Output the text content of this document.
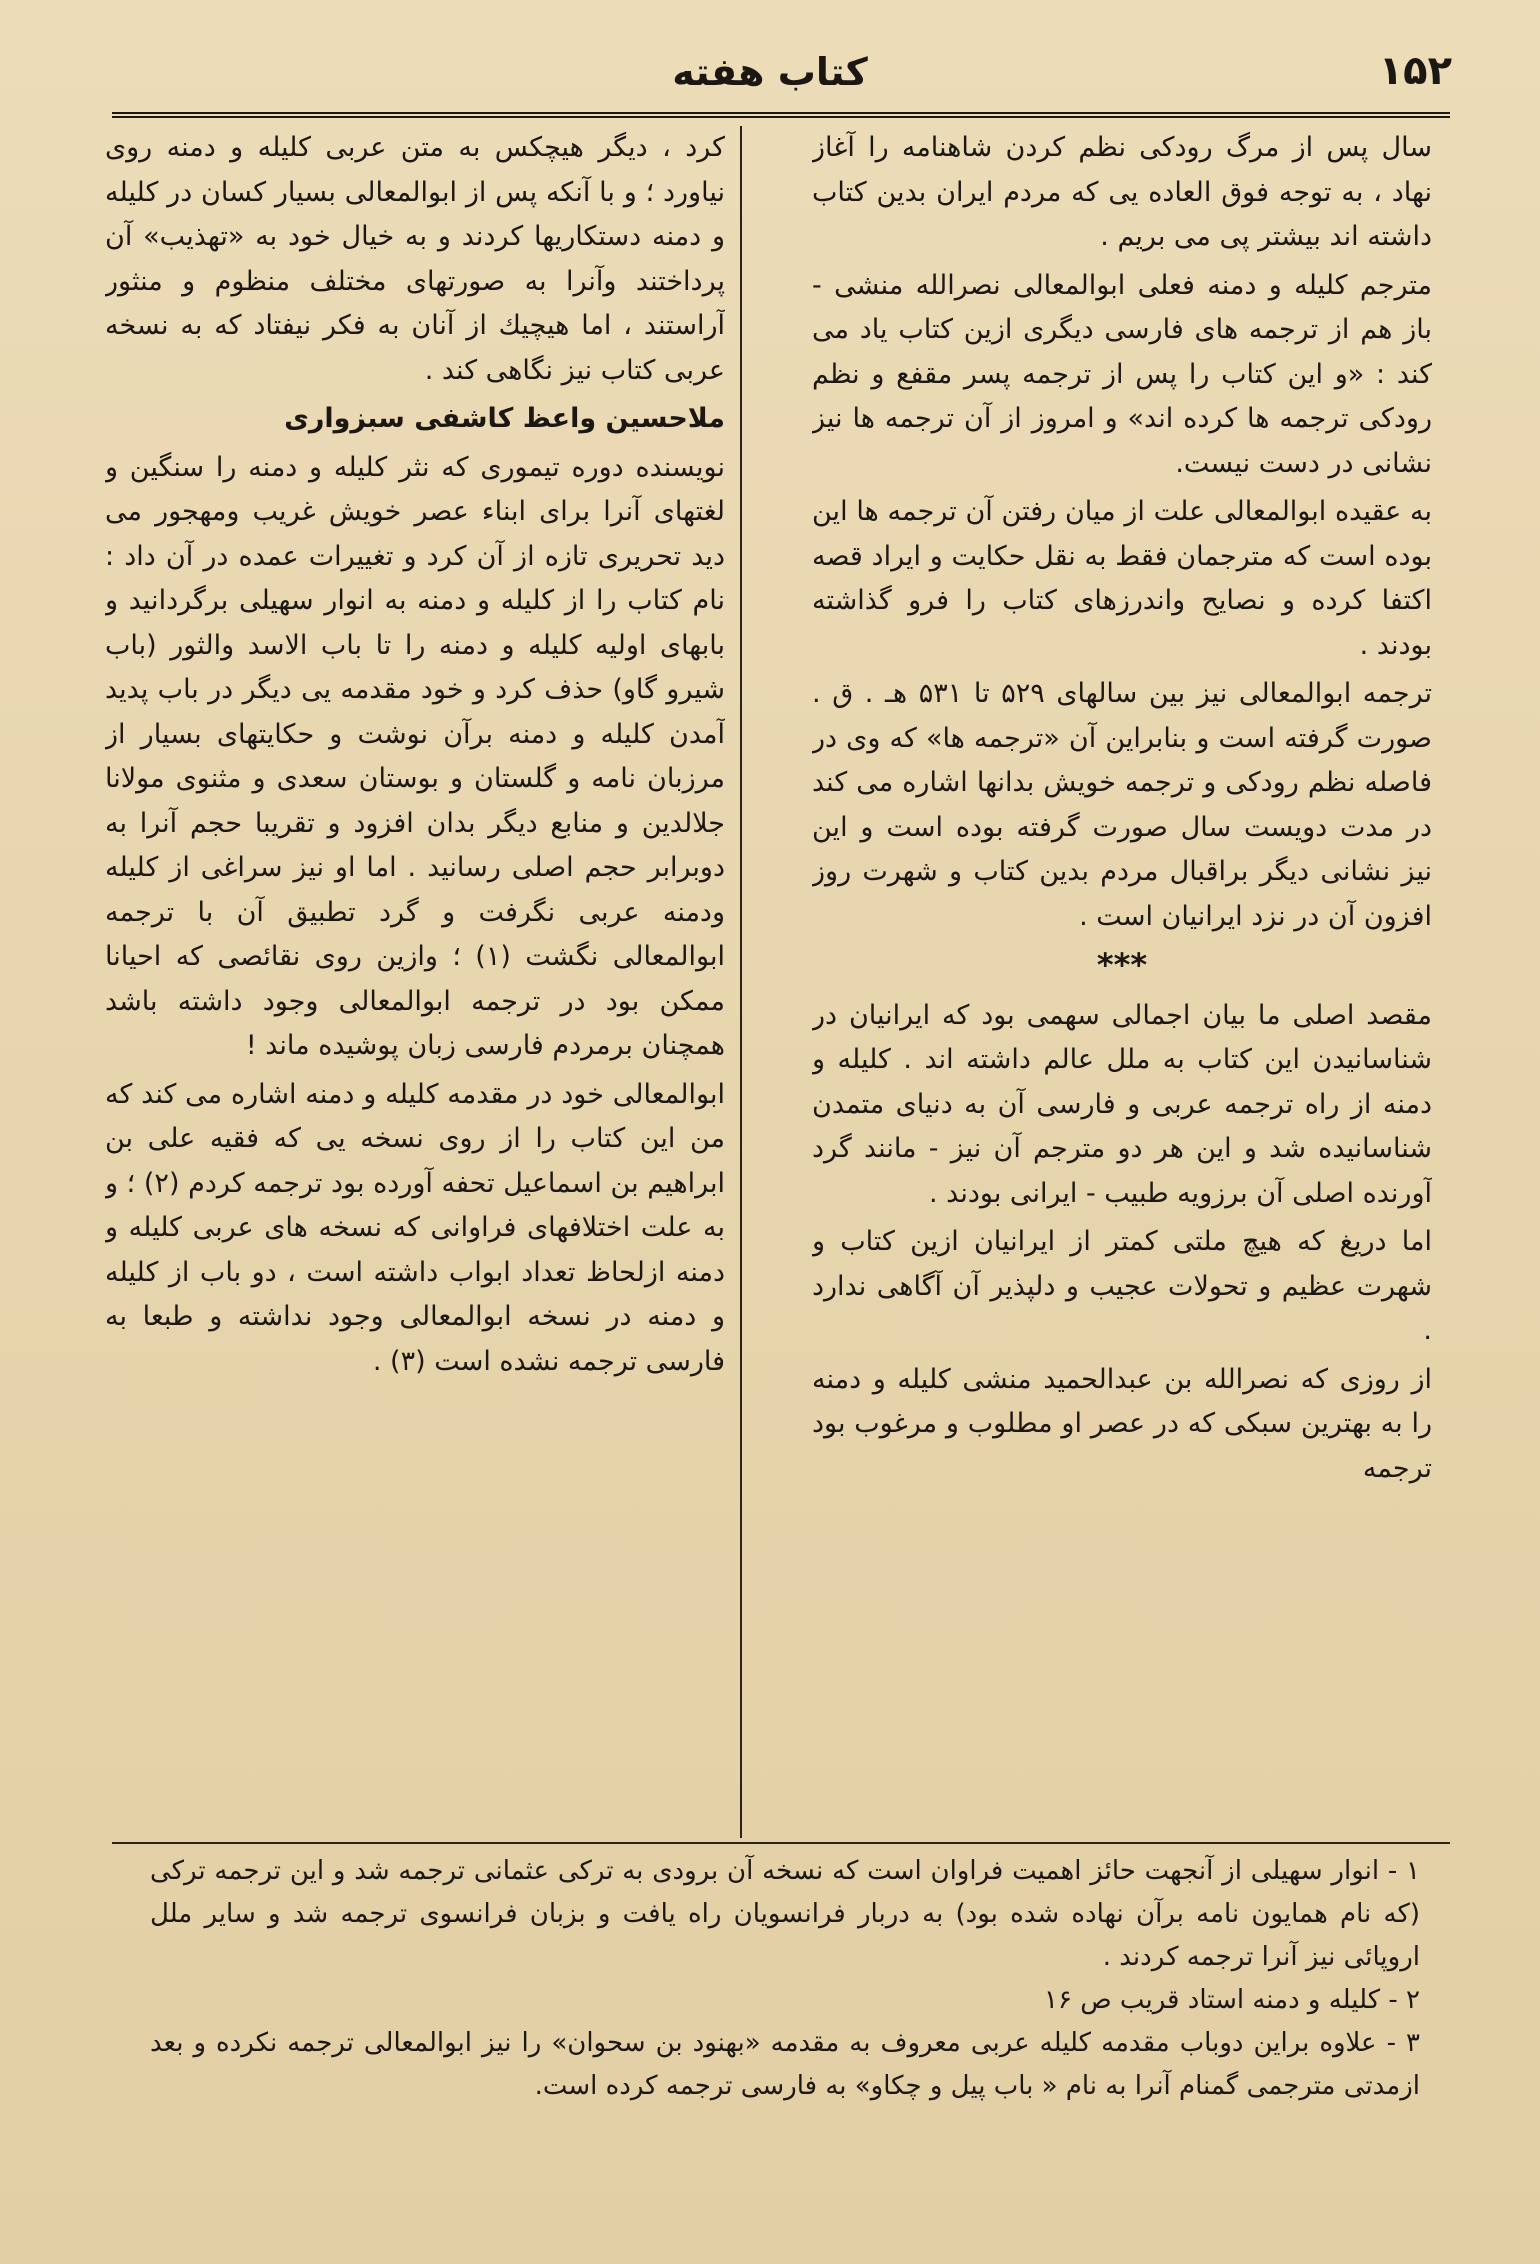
۱۵۲
کتاب هفته

سال پس از مرگ رودکی نظم کردن شاهنامه را آغاز نهاد ، به توجه فوق العاده یی که مردم ایران بدین کتاب داشته اند بیشتر پی می بریم .

مترجم کلیله و دمنه فعلی ابوالمعالی نصرالله منشی - باز هم از ترجمه های فارسی دیگری ازین کتاب یاد می کند : «و این کتاب را پس از ترجمه پسر مقفع و نظم رودکی ترجمه ها کرده اند» و امروز از آن ترجمه ها نیز نشانی در دست نیست.

به عقیده ابوالمعالی علت از میان رفتن آن ترجمه ها این بوده است که مترجمان فقط به نقل حکایت و ایراد قصه اکتفا کرده و نصایح واندرزهای کتاب را فرو گذاشته بودند .

ترجمه ابوالمعالی نیز بین سالهای ۵۲۹ تا ۵۳۱ هـ . ق . صورت گرفته است و بنابراین آن «ترجمه ها» که وی در فاصله نظم رودکی و ترجمه خویش بدانها اشاره می کند در مدت دویست سال صورت گرفته بوده است و این نیز نشانی دیگر براقبال مردم بدین کتاب و شهرت روز افزون آن در نزد ایرانیان است .

***

مقصد اصلی ما بیان اجمالی سهمی بود که ایرانیان در شناسانیدن این کتاب به ملل عالم داشته اند . کلیله و دمنه از راه ترجمه عربی و فارسی آن به دنیای متمدن شناسانیده شد و این هر دو مترجم آن نیز - مانند گرد آورنده اصلی آن برزویه طبیب - ایرانی بودند .

اما دریغ که هیچ ملتی کمتر از ایرانیان ازین کتاب و شهرت عظیم و تحولات عجیب و دلپذیر آن آگاهی ندارد .

از روزی که نصرالله بن عبدالحمید منشی کلیله و دمنه را به بهترین سبکی که در عصر او مطلوب و مرغوب بود ترجمه

کرد ، دیگر هیچکس به متن عربی کلیله و دمنه روی نیاورد ؛ و با آنکه پس از ابوالمعالی بسیار کسان در کلیله و دمنه دستکاریها کردند و به خیال خود به «تهذیب» آن پرداختند وآنرا به صورتهای مختلف منظوم و منثور آراستند ، اما هیچیك از آنان به فکر نیفتاد که به نسخه عربی کتاب نیز نگاهی کند .

ملاحسین واعظ کاشفی سبزواری

نویسنده دوره تیموری که نثر کلیله و دمنه را سنگین و لغتهای آنرا برای ابناء عصر خویش غریب ومهجور می دید تحریری تازه از آن کرد و تغییرات عمده در آن داد : نام کتاب را از کلیله و دمنه به انوار سهیلی برگردانید و بابهای اولیه کلیله و دمنه را تا باب الاسد والثور (باب شیرو گاو) حذف کرد و خود مقدمه یی دیگر در باب پدید آمدن کلیله و دمنه برآن نوشت و حکایتهای بسیار از مرزبان نامه و گلستان و بوستان سعدی و مثنوی مولانا جلالدین و منابع دیگر بدان افزود و تقریبا حجم آنرا به دوبرابر حجم اصلی رسانید . اما او نیز سراغی از کلیله ودمنه عربی نگرفت و گرد تطبیق آن با ترجمه ابوالمعالی نگشت (۱) ؛ وازین روی نقائصی که احیانا ممکن بود در ترجمه ابوالمعالی وجود داشته باشد همچنان برمردم فارسی زبان پوشیده ماند !

ابوالمعالی خود در مقدمه کلیله و دمنه اشاره می کند که من این کتاب را از روی نسخه یی که فقیه علی بن ابراهیم بن اسماعیل تحفه آورده بود ترجمه کردم (۲) ؛ و به علت اختلافهای فراوانی که نسخه های عربی کلیله و دمنه ازلحاظ تعداد ابواب داشته است ، دو باب از کلیله و دمنه در نسخه ابوالمعالی وجود نداشته و طبعا به فارسی ترجمه نشده است (۳) .

۱ - انوار سهیلی از آنجهت حائز اهمیت فراوان است که نسخه آن برودی به ترکی عثمانی ترجمه شد و این ترجمه ترکی (که نام همایون نامه برآن نهاده شده بود) به دربار فرانسویان راه یافت و بزبان فرانسوی ترجمه شد و سایر ملل اروپائی نیز آنرا ترجمه کردند .

۲ - کلیله و دمنه استاد قریب ص ۱۶

۳ - علاوه براین دوباب مقدمه کلیله عربی معروف به مقدمه «بهنود بن سحوان» را نیز ابوالمعالی ترجمه نکرده و بعد ازمدتی مترجمی گمنام آنرا به نام « باب پیل و چکاو» به فارسی ترجمه کرده است.
